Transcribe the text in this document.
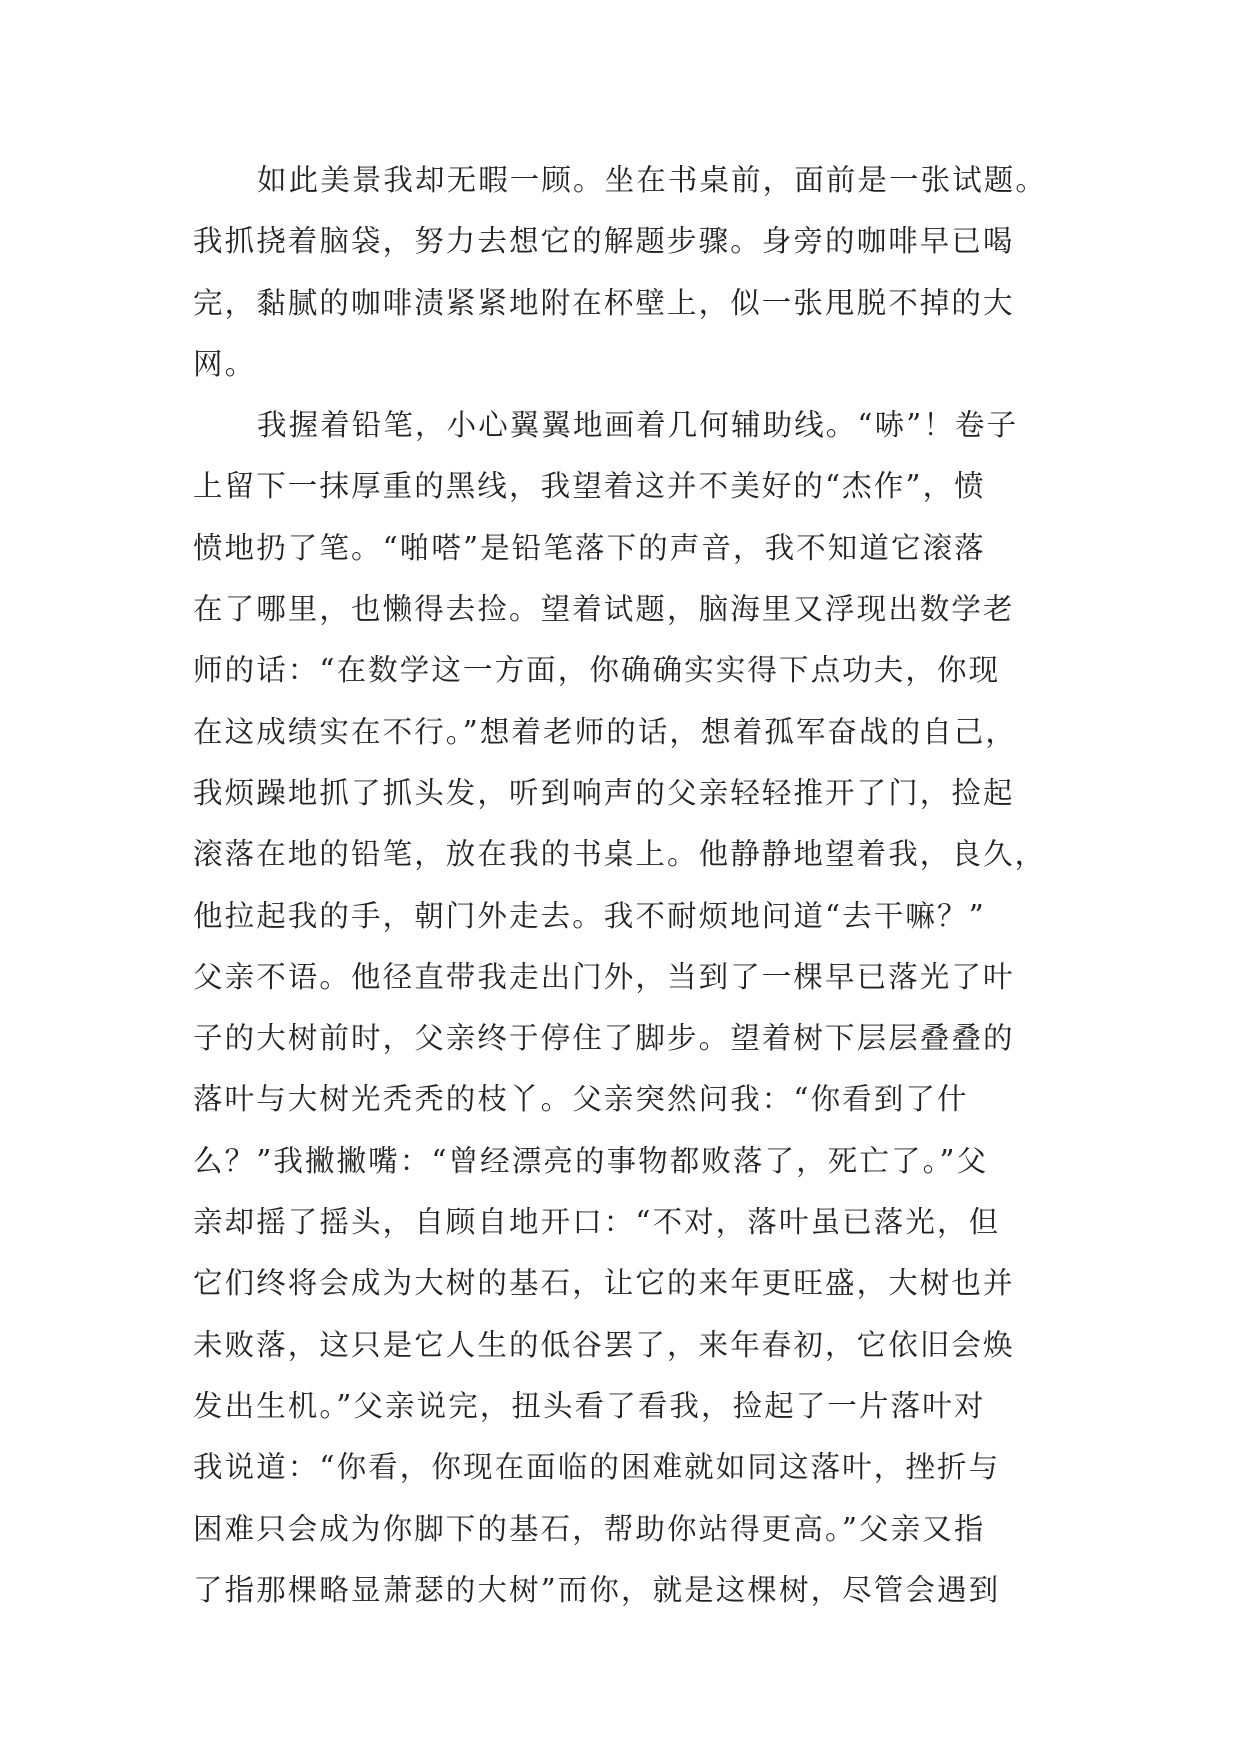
如此美景我却无暇一顾。坐在书桌前，面前是一张试题。
我抓挠着脑袋，努力去想它的解题步骤。身旁的咖啡早已喝
完，黏腻的咖啡渍紧紧地附在杯壁上，似一张甩脱不掉的大
网。
我握着铅笔，小心翼翼地画着几何辅助线。“哧”！卷子
上留下一抹厚重的黑线，我望着这并不美好的“杰作”，愤
愤地扔了笔。“啪嗒”是铅笔落下的声音，我不知道它滚落
在了哪里，也懒得去捡。望着试题，脑海里又浮现出数学老
师的话：“在数学这一方面，你确确实实得下点功夫，你现
在这成绩实在不行。”想着老师的话，想着孤军奋战的自己，
我烦躁地抓了抓头发，听到响声的父亲轻轻推开了门，捡起
滚落在地的铅笔，放在我的书桌上。他静静地望着我，良久，
他拉起我的手，朝门外走去。我不耐烦地问道“去干嘛？”
父亲不语。他径直带我走出门外，当到了一棵早已落光了叶
子的大树前时，父亲终于停住了脚步。望着树下层层叠叠的
落叶与大树光秃秃的枝丫。父亲突然问我：“你看到了什
么？”我撇撇嘴：“曾经漂亮的事物都败落了，死亡了。”父
亲却摇了摇头，自顾自地开口：“不对，落叶虽已落光，但
它们终将会成为大树的基石，让它的来年更旺盛，大树也并
未败落，这只是它人生的低谷罢了，来年春初，它依旧会焕
发出生机。”父亲说完，扭头看了看我，捡起了一片落叶对
我说道：“你看，你现在面临的困难就如同这落叶，挫折与
困难只会成为你脚下的基石，帮助你站得更高。”父亲又指
了指那棵略显萧瑟的大树”而你，就是这棵树，尽管会遇到
